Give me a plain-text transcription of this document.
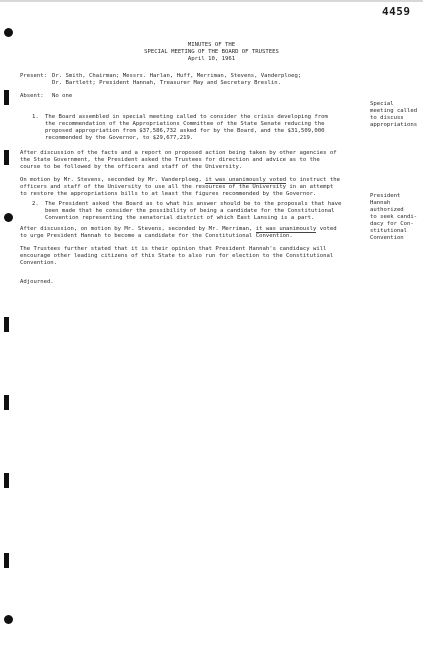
4459
MINUTES OF THE
SPECIAL MEETING OF THE BOARD OF TRUSTEES
April 10, 1961
Present: Dr. Smith, Chairman; Messrs. Harlan, Huff, Merriman, Stevens, Vanderploeg;
Dr. Bartlett; President Hannah, Treasurer May and Secretary Breslin.
Absent: No one
1. The Board assembled in special meeting called to consider the crisis developing from
the recommendation of the Appropriations Committee of the State Senate reducing the
proposed appropriation from $37,586,732 asked for by the Board, and the $31,509,000
recommended by the Governor, to $29,677,219.
Special
meeting called
to discuss
appropriations
After discussion of the facts and a report on proposed action being taken by other agencies of
the State Government, the President asked the Trustees for direction and advice as to the
course to be followed by the officers and staff of the University.
On motion by Mr. Stevens, seconded by Mr. Vanderploeg, it was unanimously voted to instruct the
officers and staff of the University to use all the resources of the University in an attempt
to restore the appropriations bills to at least the figures recommended by the Governor.	President
Hannah
authorized
to seek candi-
dacy for Con-
stitutional
Convention
2. The President asked the Board as to what his answer should be to the proposals that have
been made that he consider the possibility of being a candidate for the Constitutional
Convention representing the senatorial district of which East Lansing is a part.
After discussion, on motion by Mr. Stevens, seconded by Mr. Merriman, it was unanimously voted
to urge President Hannah to become a candidate for the Constitutional Convention.
The Trustees further stated that it is their opinion that President Hannah's candidacy will
encourage other leading citizens of this State to also run for election to the Constitutional
Convention.
Adjourned.
